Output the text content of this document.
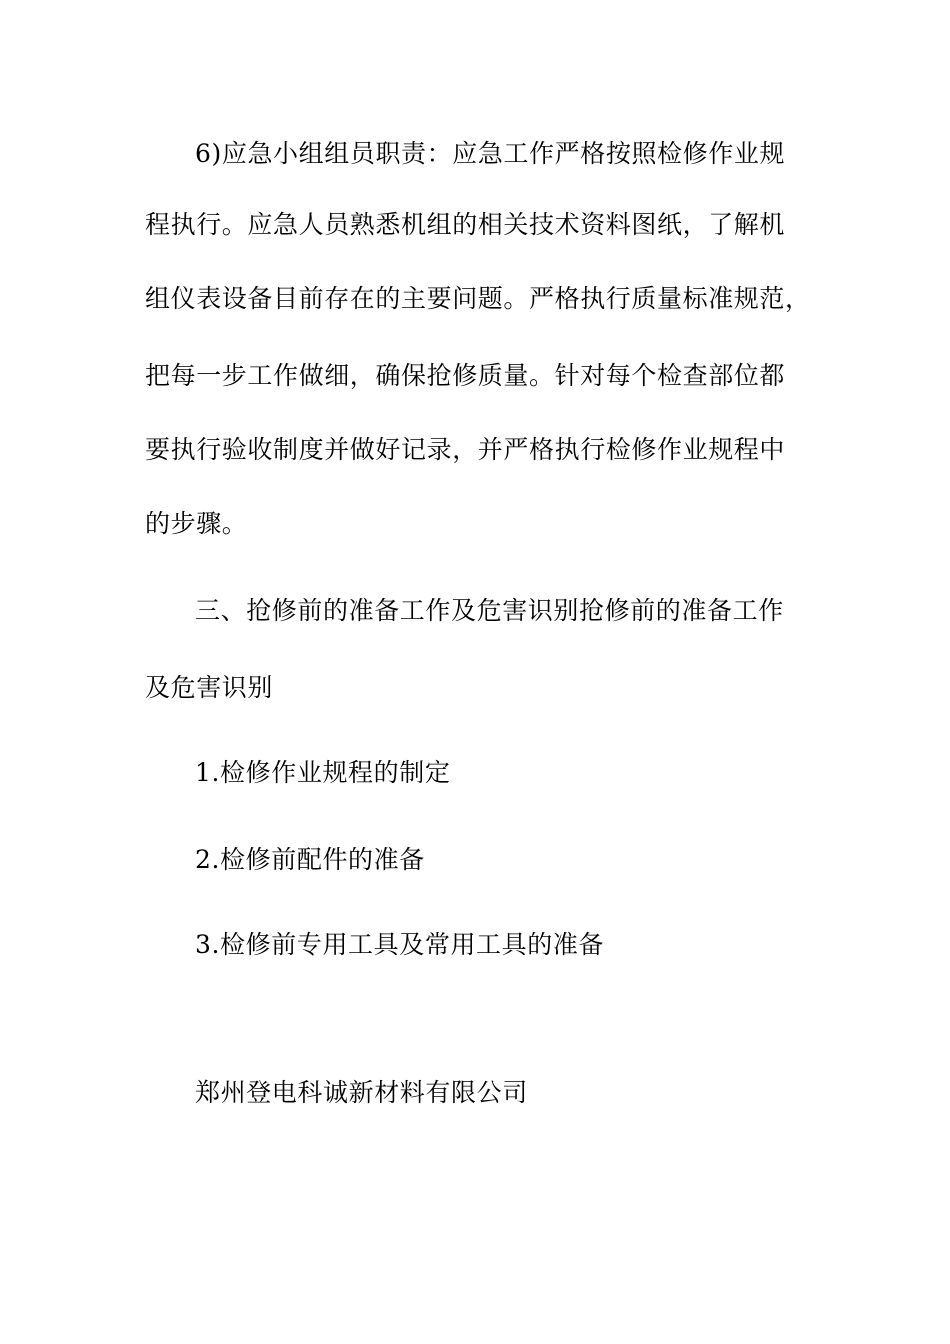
6)应急小组组员职责：应急工作严格按照检修作业规
程执行。应急人员熟悉机组的相关技术资料图纸，了解机
组仪表设备目前存在的主要问题。严格执行质量标准规范，
把每一步工作做细，确保抢修质量。针对每个检查部位都
要执行验收制度并做好记录，并严格执行检修作业规程中
的步骤。
三、抢修前的准备工作及危害识别抢修前的准备工作
及危害识别
1.检修作业规程的制定
2.检修前配件的准备
3.检修前专用工具及常用工具的准备
郑州登电科诚新材料有限公司
